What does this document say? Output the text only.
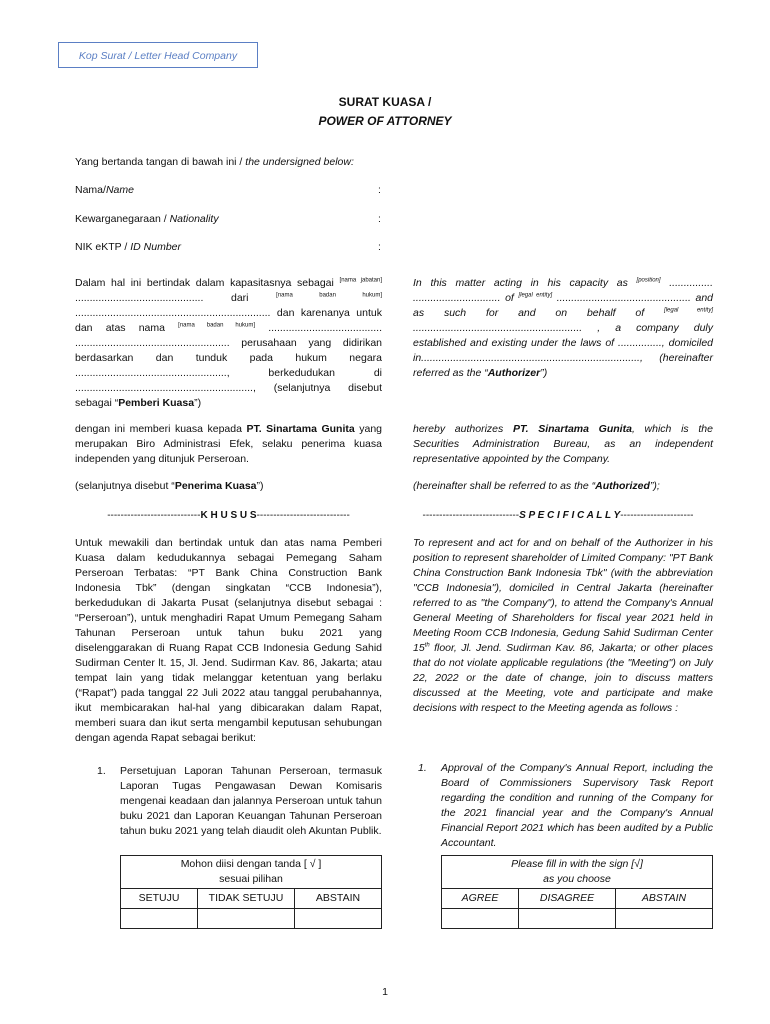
Kop Surat / Letter Head Company
SURAT KUASA /
POWER OF ATTORNEY
Yang bertanda tangan di bawah ini / the undersigned below:
Nama/Name	:
Kewarganegaraan / Nationality	:
NIK eKTP / ID Number	:
Dalam hal ini bertindak dalam kapasitasnya sebagai [nama jabatan] ............................................ dari [nama badan hukum] ................................................................... dan karenanya untuk dan atas nama [nama badan hukum] ....................................... ..................................................... perusahaan yang didirikan berdasarkan dan tunduk pada hukum negara ...................................................., berkedudukan di ............................................................., (selanjutnya disebut sebagai “Pemberi Kuasa”)
In this matter acting in his capacity as [position] ............... .............................. of [legal entity] .............................................. and as such for and on behalf of [legal entity] .......................................................... , a company duly established and existing under the laws of ..............., domiciled in..........................................................................., (hereinafter referred as the “Authorizer”)
dengan ini memberi kuasa kepada PT. Sinartama Gunita yang merupakan Biro Administrasi Efek, selaku penerima kuasa independen yang ditunjuk Perseroan.
hereby authorizes PT. Sinartama Gunita, which is the Securities Administration Bureau, as an independent representative appointed by the Company.
(selanjutnya disebut “Penerima Kuasa”)	(hereinafter shall be referred to as the “Authorized”);
----------------------------K H U S U S----------------------------	-----------------------------S P E C I F I C A L L Y----------------------
Untuk mewakili dan bertindak untuk dan atas nama Pemberi Kuasa dalam kedudukannya sebagai Pemegang Saham Perseroan Terbatas: “PT Bank China Construction Bank Indonesia Tbk” (dengan singkatan “CCB Indonesia”), berkedudukan di Jakarta Pusat (selanjutnya disebut sebagai : “Perseroan”), untuk menghadiri Rapat Umum Pemegang Saham Tahunan Perseroan untuk tahun buku 2021 yang diselenggarakan di Ruang Rapat CCB Indonesia Gedung Sahid Sudirman Center lt. 15, Jl. Jend. Sudirman Kav. 86, Jakarta; atau tempat lain yang tidak melanggar ketentuan yang berlaku (“Rapat”) pada tanggal 22 Juli 2022 atau tanggal perubahannya, ikut membicarakan hal-hal yang dibicarakan dalam Rapat, memberi suara dan ikut serta mengambil keputusan sehubungan dengan agenda Rapat sebagai berikut:
To represent and act for and on behalf of the Authorizer in his position to represent shareholder of Limited Company: "PT Bank China Construction Bank Indonesia Tbk" (with the abbreviation "CCB Indonesia"), domiciled in Central Jakarta (hereinafter referred to as "the Company"), to attend the Company's Annual General Meeting of Shareholders for fiscal year 2021 held in Meeting Room CCB Indonesia, Gedung Sahid Sudirman Center 15th floor, Jl. Jend. Sudirman Kav. 86, Jakarta; or other places that do not violate applicable regulations (the "Meeting") on July 22, 2022 or the date of change, join to discuss matters discussed at the Meeting, vote and participate and make decisions with respect to the Meeting agenda as follows :
1. Persetujuan Laporan Tahunan Perseroan, termasuk Laporan Tugas Pengawasan Dewan Komisaris mengenai keadaan dan jalannya Perseroan untuk tahun buku 2021 dan Laporan Keuangan Tahunan Perseroan tahun buku 2021 yang telah diaudit oleh Akuntan Publik.
1. Approval of the Company's Annual Report, including the Board of Commissioners Supervisory Task Report regarding the condition and running of the Company for the 2021 financial year and the Company's Annual Financial Report 2021 which has been audited by a Public Accountant.
Mohon diisi dengan tanda [ √ ]
sesuai pilihan		
SETUJU	TIDAK SETUJU	ABSTAIN

Please fill in with the sign [√]
as you choose		
AGREE	DISAGREE	ABSTAIN

1
